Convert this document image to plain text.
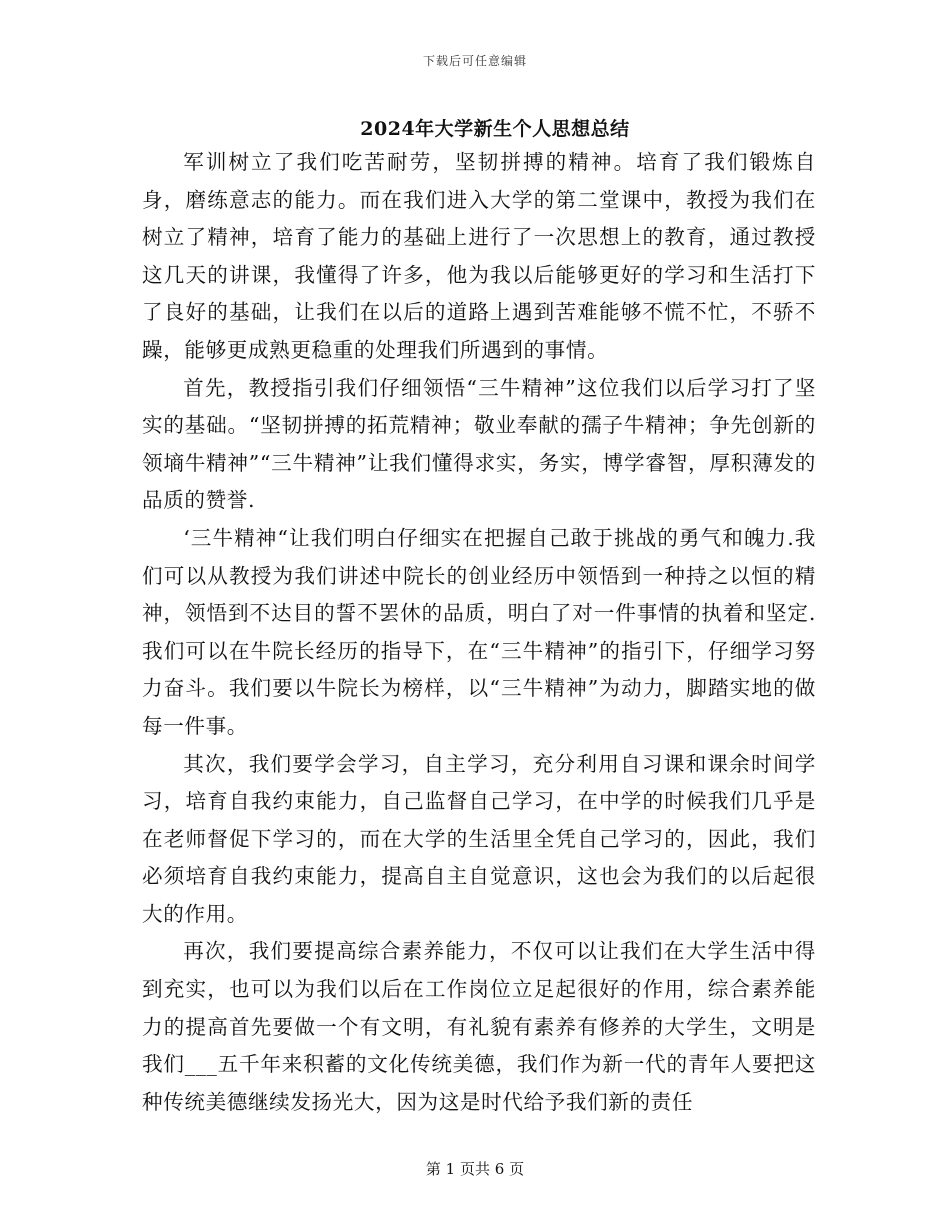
下载后可任意编辑
2024年大学新生个人思想总结

军训树立了我们吃苦耐劳，坚韧拼搏的精神。培育了我们锻炼自身，磨练意志的能力。而在我们进入大学的第二堂课中，教授为我们在树立了精神，培育了能力的基础上进行了一次思想上的教育，通过教授这几天的讲课，我懂得了许多，他为我以后能够更好的学习和生活打下了良好的基础，让我们在以后的道路上遇到苦难能够不慌不忙，不骄不躁，能够更成熟更稳重的处理我们所遇到的事情。

首先，教授指引我们仔细领悟“三牛精神”这位我们以后学习打了坚实的基础。“坚韧拼搏的拓荒精神；敬业奉献的孺子牛精神；争先创新的领墒牛精神”“三牛精神”让我们懂得求实，务实，博学睿智，厚积薄发的品质的赞誉.

‘三牛精神“让我们明白仔细实在把握自己敢于挑战的勇气和魄力.我们可以从教授为我们讲述中院长的创业经历中领悟到一种持之以恒的精神，领悟到不达目的誓不罢休的品质，明白了对一件事情的执着和坚定.我们可以在牛院长经历的指导下，在“三牛精神”的指引下，仔细学习努力奋斗。我们要以牛院长为榜样，以“三牛精神”为动力，脚踏实地的做每一件事。

其次，我们要学会学习，自主学习，充分利用自习课和课余时间学习，培育自我约束能力，自己监督自己学习，在中学的时候我们几乎是在老师督促下学习的，而在大学的生活里全凭自己学习的，因此，我们必须培育自我约束能力，提高自主自觉意识，这也会为我们的以后起很大的作用。

再次，我们要提高综合素养能力，不仅可以让我们在大学生活中得到充实，也可以为我们以后在工作岗位立足起很好的作用，综合素养能力的提高首先要做一个有文明，有礼貌有素养有修养的大学生，文明是我们___五千年来积蓄的文化传统美德，我们作为新一代的青年人要把这种传统美德继续发扬光大，因为这是时代给予我们新的责任

第 1 页共 6 页
